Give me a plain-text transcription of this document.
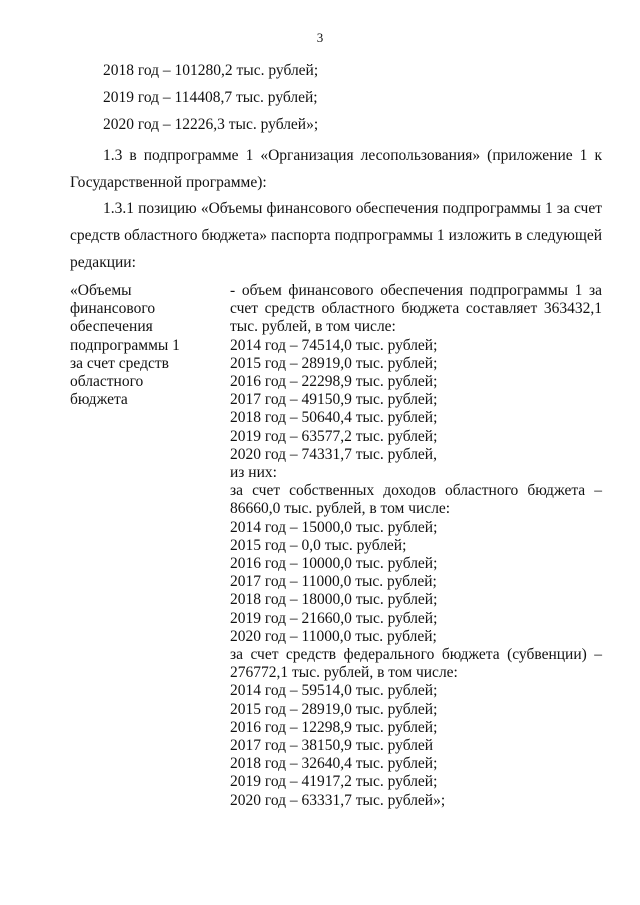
3
2018 год – 101280,2 тыс. рублей;
2019 год – 114408,7 тыс. рублей;
2020 год – 12226,3 тыс. рублей»;
1.3 в подпрограмме 1 «Организация лесопользования» (приложение 1 к
Государственной программе):
1.3.1 позицию «Объемы финансового обеспечения подпрограммы 1 за счет
средств областного бюджета» паспорта подпрограммы 1 изложить в следующей
редакции:
«Объемы
финансового
обеспечения
подпрограммы 1
за счет средств
областного
бюджета
- объем финансового обеспечения подпрограммы 1 за
счет средств областного бюджета составляет 363432,1
тыс. рублей, в том числе:
2014 год – 74514,0 тыс. рублей;
2015 год – 28919,0 тыс. рублей;
2016 год – 22298,9 тыс. рублей;
2017 год – 49150,9 тыс. рублей;
2018 год – 50640,4 тыс. рублей;
2019 год – 63577,2 тыс. рублей;
2020 год – 74331,7 тыс. рублей,
из них:
за счет собственных доходов областного бюджета –
86660,0 тыс. рублей, в том числе:
2014 год – 15000,0 тыс. рублей;
2015 год – 0,0 тыс. рублей;
2016 год – 10000,0 тыс. рублей;
2017 год – 11000,0 тыс. рублей;
2018 год – 18000,0 тыс. рублей;
2019 год – 21660,0 тыс. рублей;
2020 год – 11000,0 тыс. рублей;
за счет средств федерального бюджета (субвенции) –
276772,1 тыс. рублей, в том числе:
2014 год – 59514,0 тыс. рублей;
2015 год – 28919,0 тыс. рублей;
2016 год – 12298,9 тыс. рублей;
2017 год – 38150,9 тыс. рублей
2018 год – 32640,4 тыс. рублей;
2019 год – 41917,2 тыс. рублей;
2020 год – 63331,7 тыс. рублей»;
